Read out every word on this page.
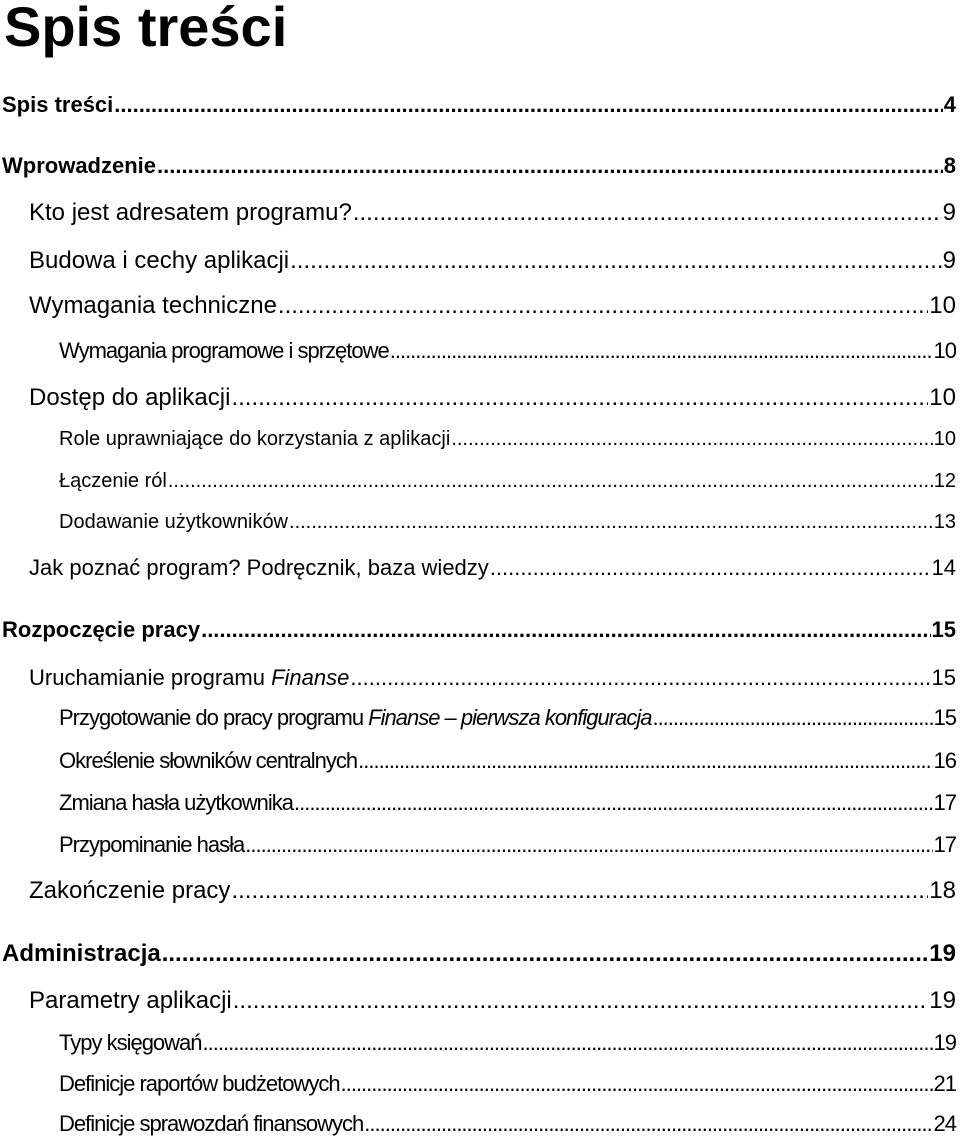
Spis treści
Spis treści .....	4
Wprowadzenie .....	8
Kto jest adresatem programu? .....	9
Budowa i cechy aplikacji .....	9
Wymagania techniczne .....	10
Wymagania programowe i sprzętowe .....	10
Dostęp do aplikacji .....	10
Role uprawniające do korzystania z aplikacji .....	10
Łączenie ról .....	12
Dodawanie użytkowników .....	13
Jak poznać program? Podręcznik, baza wiedzy .....	14
Rozpoczęcie pracy .....	15
Uruchamianie programu Finanse .....	15
Przygotowanie do pracy programu Finanse – pierwsza konfiguracja .....	15
Określenie słowników centralnych .....	16
Zmiana hasła użytkownika .....	17
Przypominanie hasła .....	17
Zakończenie pracy .....	18
Administracja .....	19
Parametry aplikacji .....	19
Typy księgowań .....	19
Definicje raportów budżetowych .....	21
Definicje sprawozdań finansowych .....	24
